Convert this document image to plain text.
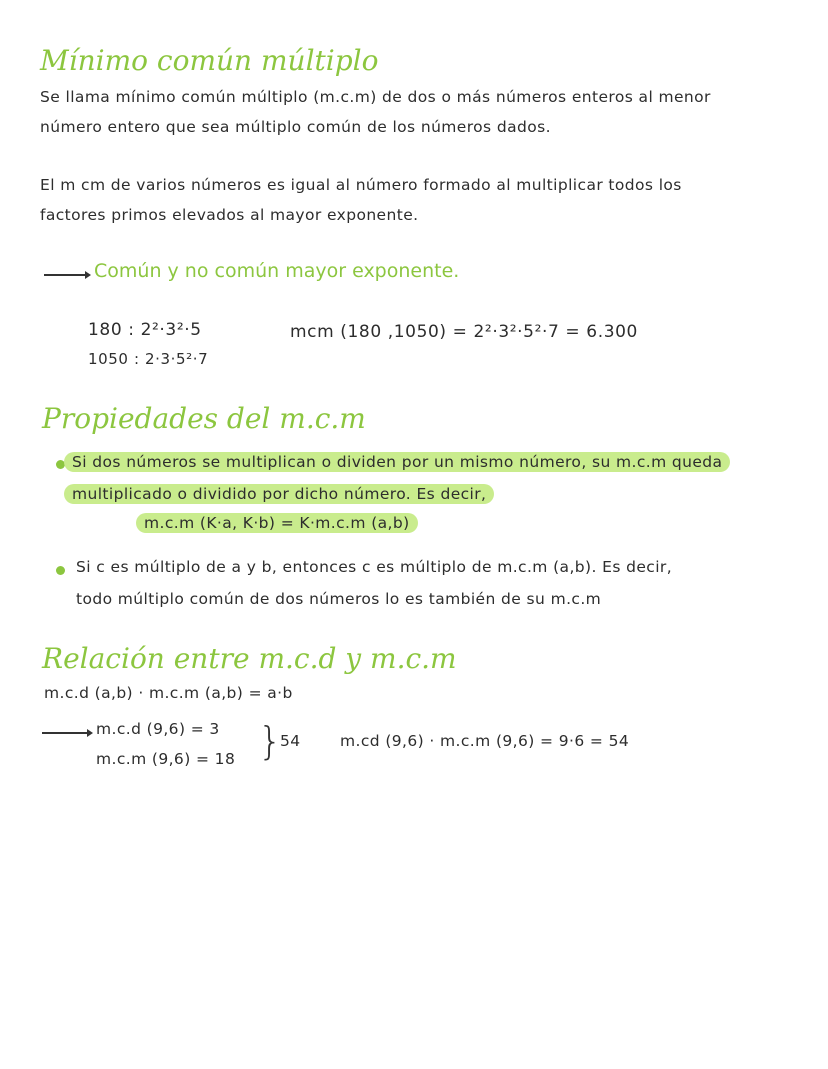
Mínimo común múltiplo
Se llama mínimo común múltiplo (m.c.m) de dos o más números enteros al menor
número entero que sea múltiplo común de los números dados.
El m cm de varios números es igual al número formado al multiplicar todos los
factores primos elevados al mayor exponente.
Común y no común mayor exponente.
180 : 2²·3²·5
1050 : 2·3·5²·7
mcm (180 ,1050) = 2²·3²·5²·7 = 6.300
Propiedades del m.c.m
Si dos números se multiplican o dividen por un mismo número, su m.c.m queda
multiplicado o dividido por dicho número. Es decir,
m.c.m (K·a, K·b) = K·m.c.m (a,b)
Si c es múltiplo de a y b, entonces c es múltiplo de m.c.m (a,b). Es decir,
todo múltiplo común de dos números lo es también de su m.c.m
Relación entre m.c.d y m.c.m
m.c.d (a,b) · m.c.m (a,b) = a·b
m.c.d (9,6) = 3
m.c.m (9,6) = 18 }
54	m.cd (9,6) · m.c.m (9,6) = 9·6 = 54
